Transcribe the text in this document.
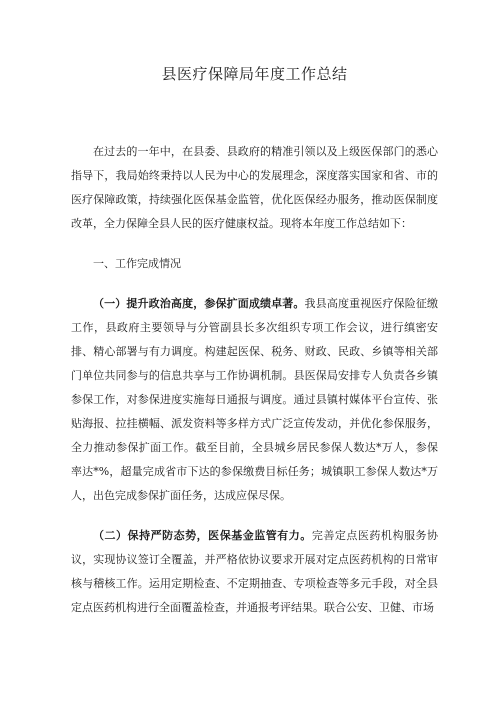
县医疗保障局年度工作总结

在过去的一年中，在县委、县政府的精准引领以及上级医保部门的悉心指导下，我局始终秉持以人民为中心的发展理念，深度落实国家和省、市的医疗保障政策，持续强化医保基金监管，优化医保经办服务，推动医保制度改革，全力保障全县人民的医疗健康权益。现将本年度工作总结如下：

一、工作完成情况

（一）提升政治高度，参保扩面成绩卓著。我县高度重视医疗保险征缴工作，县政府主要领导与分管副县长多次组织专项工作会议，进行缜密安排、精心部署与有力调度。构建起医保、税务、财政、民政、乡镇等相关部门单位共同参与的信息共享与工作协调机制。县医保局安排专人负责各乡镇参保工作，对参保进度实施每日通报与调度。通过县镇村媒体平台宣传、张贴海报、拉挂横幅、派发资料等多样方式广泛宣传发动，并优化参保服务，全力推动参保扩面工作。截至目前，全县城乡居民参保人数达*万人，参保率达*%，超量完成省市下达的参保缴费目标任务；城镇职工参保人数达*万人，出色完成参保扩面任务，达成应保尽保。

（二）保持严防态势，医保基金监管有力。完善定点医药机构服务协议，实现协议签订全覆盖，并严格依协议要求开展对定点医药机构的日常审核与稽核工作。运用定期检查、不定期抽查、专项检查等多元手段，对全县定点医药机构进行全面覆盖检查，并通报考评结果。联合公安、卫健、市场
